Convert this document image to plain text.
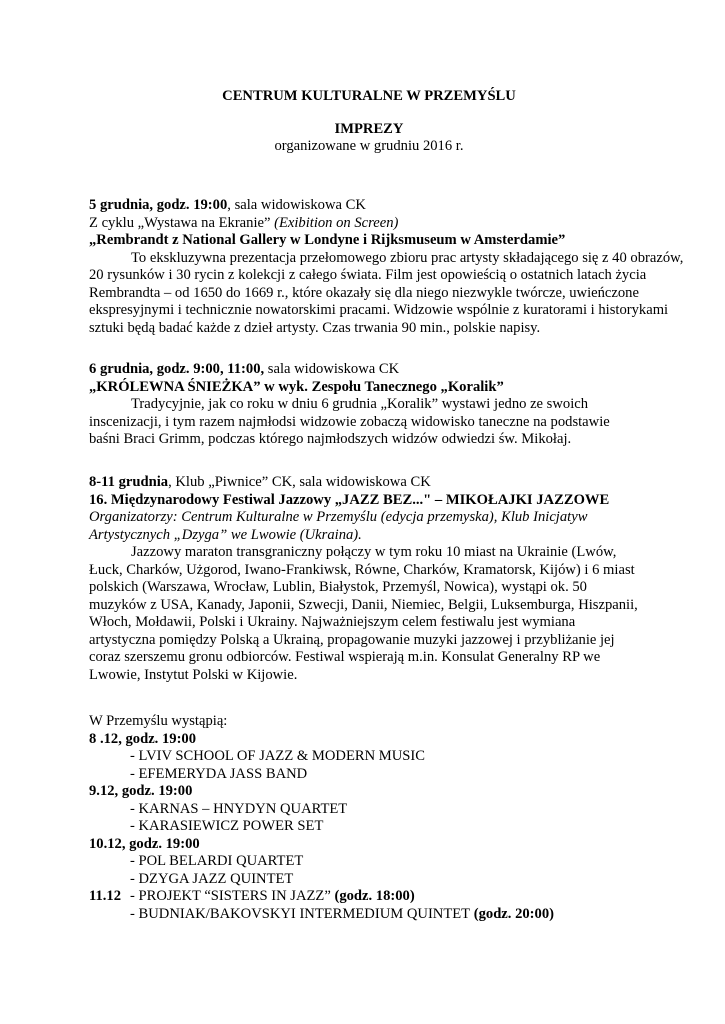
CENTRUM KULTURALNE W PRZEMYŚLU
IMPREZY
organizowane w grudniu 2016 r.
5 grudnia, godz. 19:00, sala widowiskowa CK
Z cyklu „Wystawa na Ekranie” (Exibition on Screen)
„Rembrandt z National Gallery w Londyne i Rijksmuseum w Amsterdamie”
To ekskluzywna prezentacja przełomowego zbioru prac artysty składającego się z 40 obrazów,
20 rysunków i 30 rycin z kolekcji z całego świata. Film jest opowieścią o ostatnich latach życia
Rembrandta – od 1650 do 1669 r., które okazały się dla niego niezwykle twórcze, uwieńczone
ekspresyjnymi i technicznie nowatorskimi pracami. Widzowie wspólnie z kuratorami i historykami
sztuki będą badać każde z dzieł artysty. Czas trwania 90 min., polskie napisy.
6 grudnia, godz. 9:00, 11:00, sala widowiskowa CK
„KRÓLEWNA ŚNIEŻKA” w wyk. Zespołu Tanecznego „Koralik”
Tradycyjnie, jak co roku w dniu 6 grudnia „Koralik” wystawi jedno ze swoich
inscenizacji, i tym razem najmłodsi widzowie zobaczą widowisko taneczne na podstawie
baśni Braci Grimm, podczas którego najmłodszych widzów odwiedzi św. Mikołaj.
8-11 grudnia, Klub „Piwnice” CK, sala widowiskowa CK
16. Międzynarodowy Festiwal Jazzowy „JAZZ BEZ..." – MIKOŁAJKI JAZZOWE
Organizatorzy: Centrum Kulturalne w Przemyślu (edycja przemyska), Klub Inicjatyw
Artystycznych „Dzyga” we Lwowie (Ukraina).
Jazzowy maraton transgraniczny połączy w tym roku 10 miast na Ukrainie (Lwów,
Łuck, Charków, Użgorod, Iwano-Frankiwsk, Równe, Charków, Kramatorsk, Kijów) i 6 miast
polskich (Warszawa, Wrocław, Lublin, Białystok, Przemyśl, Nowica), wystąpi ok. 50
muzyków z USA, Kanady, Japonii, Szwecji, Danii, Niemiec, Belgii, Luksemburga, Hiszpanii,
Włoch, Mołdawii, Polski i Ukrainy. Najważniejszym celem festiwalu jest wymiana
artystyczna pomiędzy Polską a Ukrainą, propagowanie muzyki jazzowej i przybliżanie jej
coraz szerszemu gronu odbiorców. Festiwal wspierają m.in. Konsulat Generalny RP we
Lwowie, Instytut Polski w Kijowie.
W Przemyślu wystąpią:
8 .12, godz. 19:00
- LVIV SCHOOL OF JAZZ & MODERN MUSIC
- EFEMERYDA JASS BAND
9.12, godz. 19:00
- KARNAS – HNYDYN QUARTET
- KARASIEWICZ POWER SET
10.12, godz. 19:00
- POL BELARDI QUARTET
- DZYGA JAZZ QUINTET
11.12 - PROJEKT “SISTERS IN JAZZ” (godz. 18:00)
- BUDNIAK/BAKOVSKYI INTERMEDIUM QUINTET (godz. 20:00)
